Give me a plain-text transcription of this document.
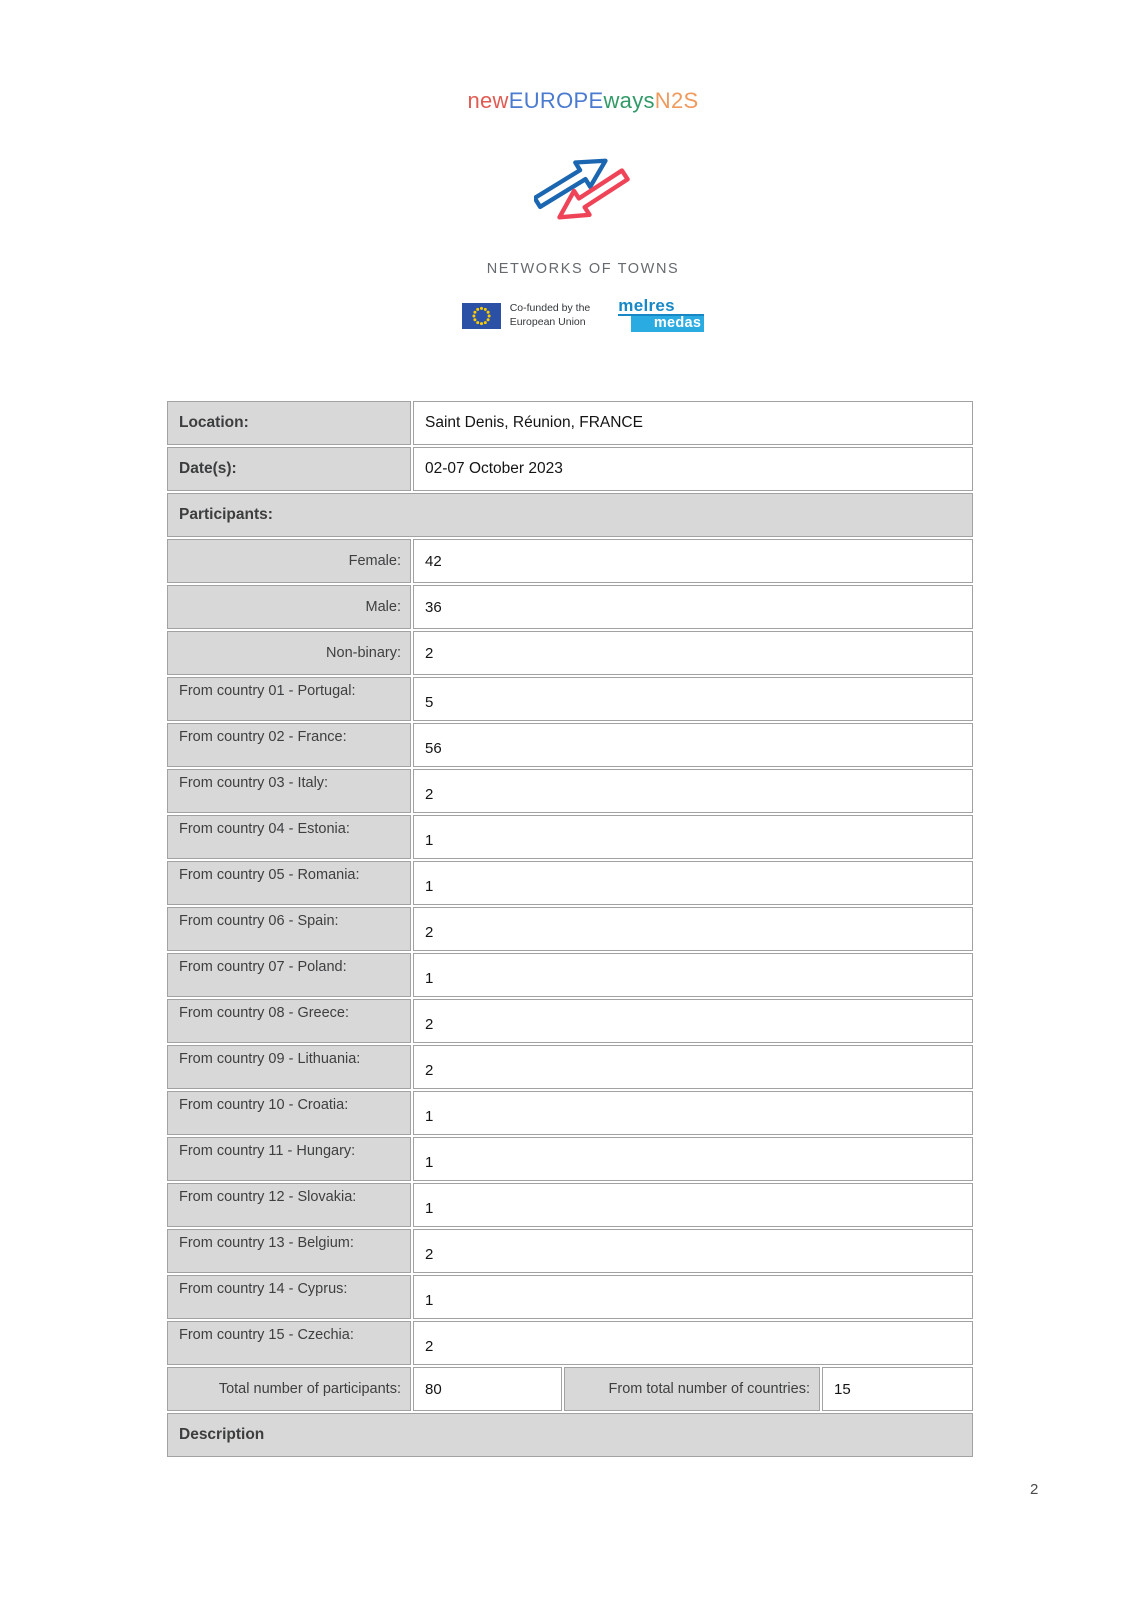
newEUROPEwaysN2S
NETWORKS OF TOWNS
Co-funded by the
European Union
melres
medas
Location:	Saint Denis, Réunion, FRANCE
Date(s):	02-07 October 2023
Participants:
Female:	42
Male:	36
Non-binary:	2
From country 01 - Portugal:
5
From country 02 - France:
56
From country 03 - Italy:
2
From country 04 - Estonia:
1
From country 05 - Romania:
1
From country 06 - Spain:
2
From country 07 - Poland:
1
From country 08 - Greece:
2
From country 09 - Lithuania:
2
From country 10 - Croatia:
1
From country 11 - Hungary:
1
From country 12 - Slovakia:
1
From country 13 - Belgium:
2
From country 14 - Cyprus:
1
From country 15 - Czechia:
2
Total number of participants:	80	From total number of countries:	15
Description
2
